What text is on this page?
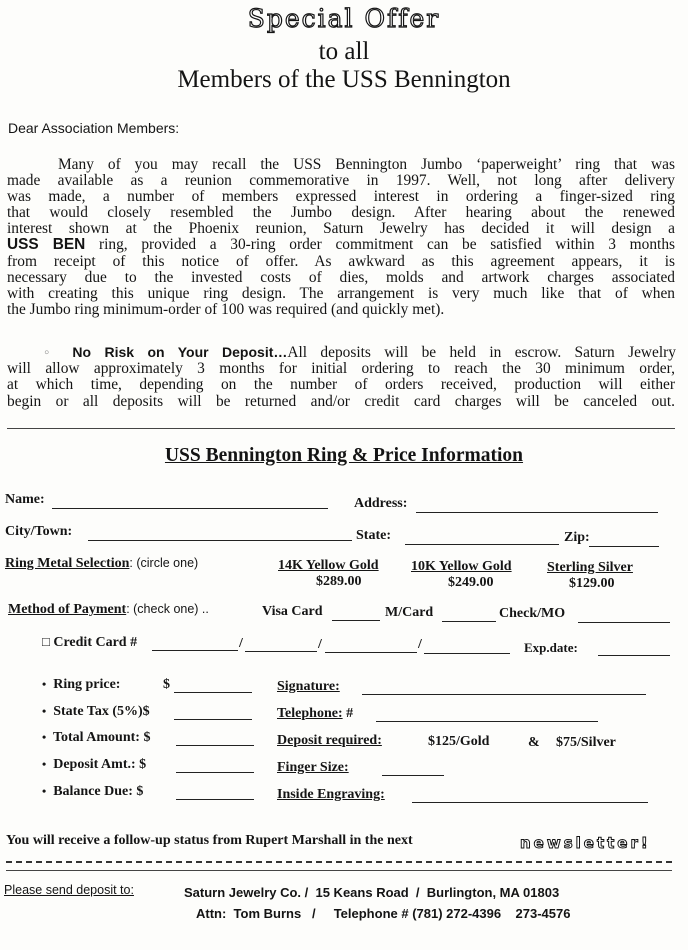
Special Offer
to all
Members of the USS Bennington
Dear Association Members:
Many of you may recall the USS Bennington Jumbo ‘paperweight’ ring that was
made available as a reunion commemorative in 1997. Well, not long after delivery
was made, a number of members expressed interest in ordering a finger-sized ring
that would closely resembled the Jumbo design. After hearing about the renewed
interest shown at the Phoenix reunion, Saturn Jewelry has decided it will design a
USS BEN ring, provided a 30-ring order commitment can be satisfied within 3 months
from receipt of this notice of offer. As awkward as this agreement appears, it is
necessary due to the invested costs of dies, molds and artwork charges associated
with creating this unique ring design. The arrangement is very much like that of when
the Jumbo ring minimum-order of 100 was required (and quickly met).
◦ No Risk on Your Deposit…All deposits will be held in escrow. Saturn Jewelry
will allow approximately 3 months for initial ordering to reach the 30 minimum order,
at which time, depending on the number of orders received, production will either
begin or all deposits will be returned and/or credit card charges will be canceled out.
USS Bennington Ring & Price Information
Name:	Address:
City/Town:	State:	Zip:
Ring Metal Selection: (circle one)	14K Yellow Gold
$289.00
10K Yellow Gold
$249.00
Sterling Silver
$129.00
Method of Payment: (check one) ..	Visa Card	M/Card	Check/MO
□ Credit Card #	/	/	/	Exp.date:
• Ring price:	$
• State Tax (5%)$
• Total Amount: $
• Deposit Amt.: $
• Balance Due: $
Signature:
Telephone: #
Deposit required:	$125/Gold	& $75/Silver
Finger Size:
Inside Engraving:
You will receive a follow-up status from Rupert Marshall in the next	newsletter!
Please send deposit to:	Saturn Jewelry Co. /  15 Keans Road  /  Burlington, MA 01803
Attn:  Tom Burns   /     Telephone # (781) 272-4396    273-4576
